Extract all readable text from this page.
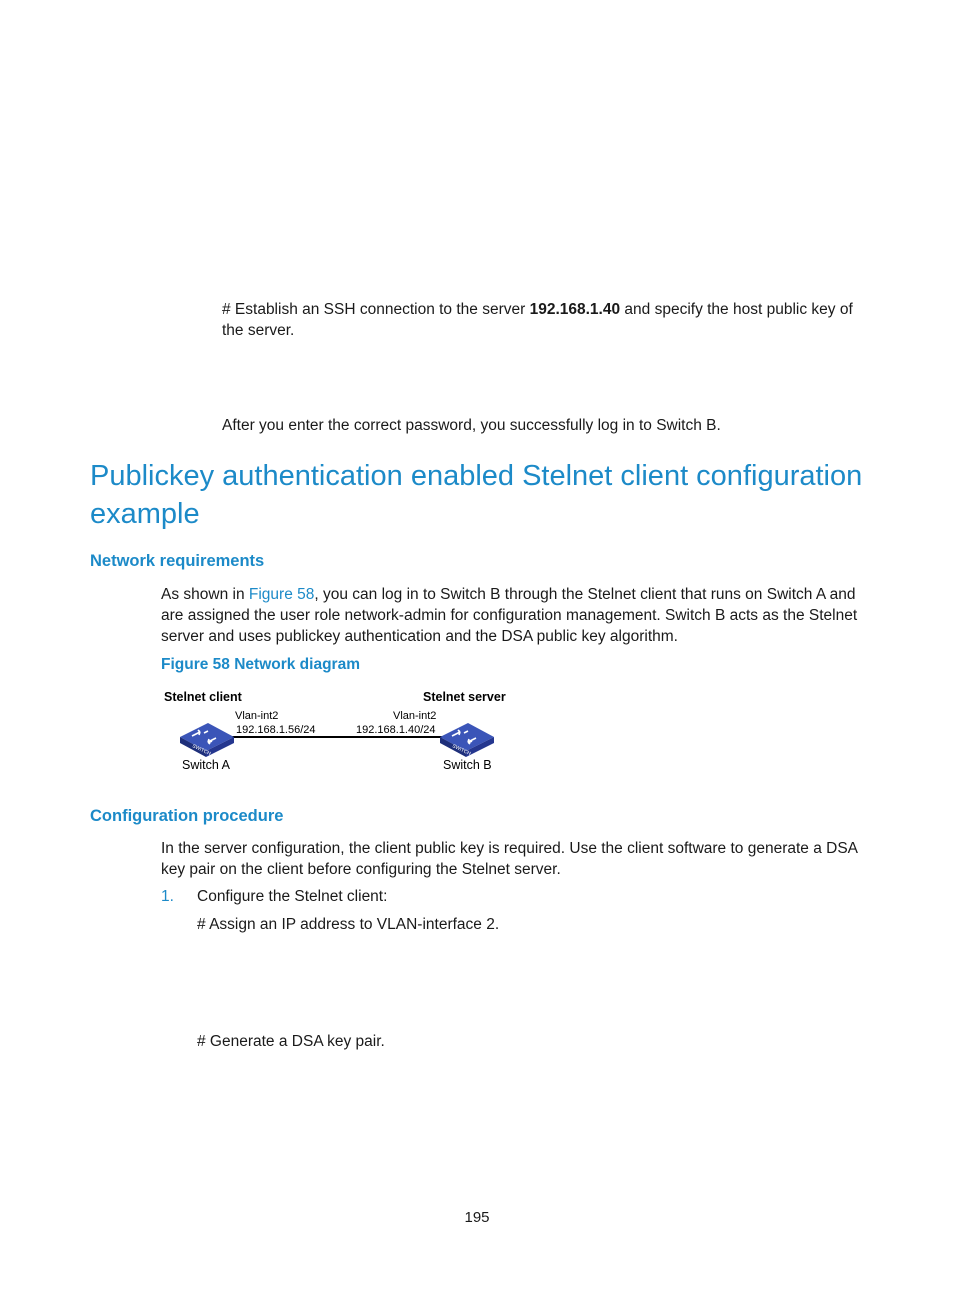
# Establish an SSH connection to the server 192.168.1.40 and specify the host public key of the server.
After you enter the correct password, you successfully log in to Switch B.
Publickey authentication enabled Stelnet client configuration example
Network requirements
As shown in Figure 58, you can log in to Switch B through the Stelnet client that runs on Switch A and are assigned the user role network-admin for configuration management. Switch B acts as the Stelnet server and uses publickey authentication and the DSA public key algorithm.
Figure 58 Network diagram
Stelnet client	Stelnet server
Vlan-int2
192.168.1.56/24
Vlan-int2
192.168.1.40/24
SWITCH	SWITCH
Switch A	Switch B
Configuration procedure
In the server configuration, the client public key is required. Use the client software to generate a DSA key pair on the client before configuring the Stelnet server.
1. Configure the Stelnet client:
# Assign an IP address to VLAN-interface 2.
# Generate a DSA key pair.
195
